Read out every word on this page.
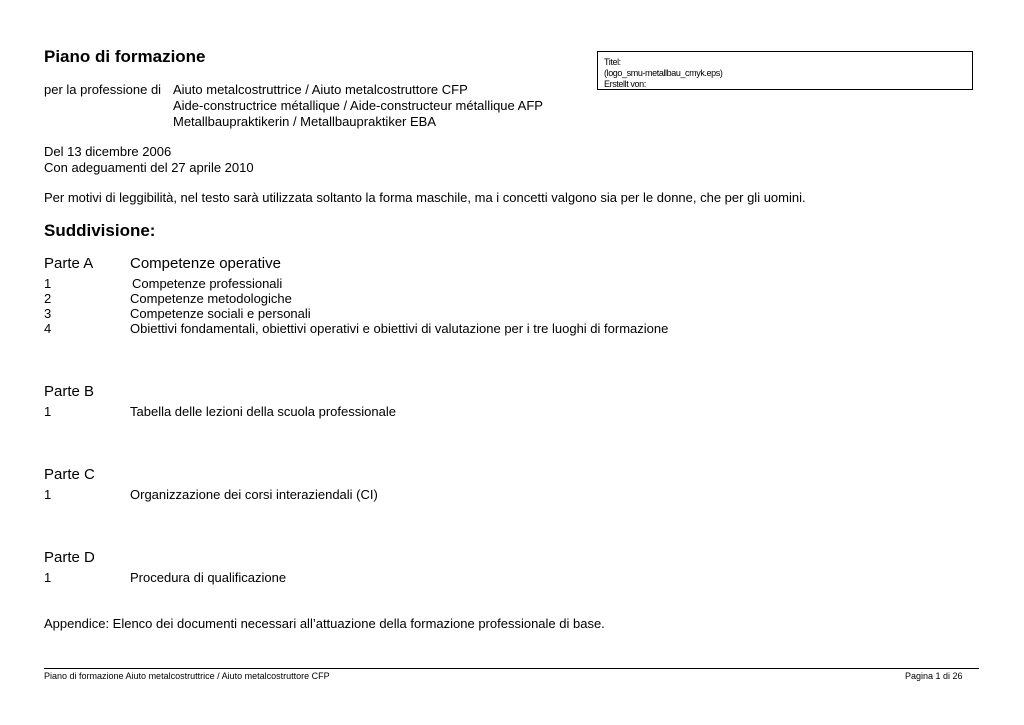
Piano di formazione	Titel:
(logo_smu-metallbau_cmyk.eps)
Erstellt von:
per la professione di Aiuto metalcostruttrice / Aiuto metalcostruttore CFP
Aide-constructrice métallique / Aide-constructeur métallique AFP
Metallbaupraktikerin / Metallbaupraktiker EBA
Del 13 dicembre 2006
Con adeguamenti del 27 aprile 2010
Per motivi di leggibilità, nel testo sarà utilizzata soltanto la forma maschile, ma i concetti valgono sia per le donne, che per gli uomini.
Suddivisione:
Parte A Competenze operative
1	Competenze professionali
2	Competenze metodologiche
3	Competenze sociali e personali
4	Obiettivi fondamentali, obiettivi operativi e obiettivi di valutazione per i tre luoghi di formazione
Parte B
1	Tabella delle lezioni della scuola professionale
Parte C
1	Organizzazione dei corsi interaziendali (CI)
Parte D
1	Procedura di qualificazione
Appendice: Elenco dei documenti necessari all’attuazione della formazione professionale di base.
Piano di formazione Aiuto metalcostruttrice / Aiuto metalcostruttore CFP	Pagina 1 di 26
